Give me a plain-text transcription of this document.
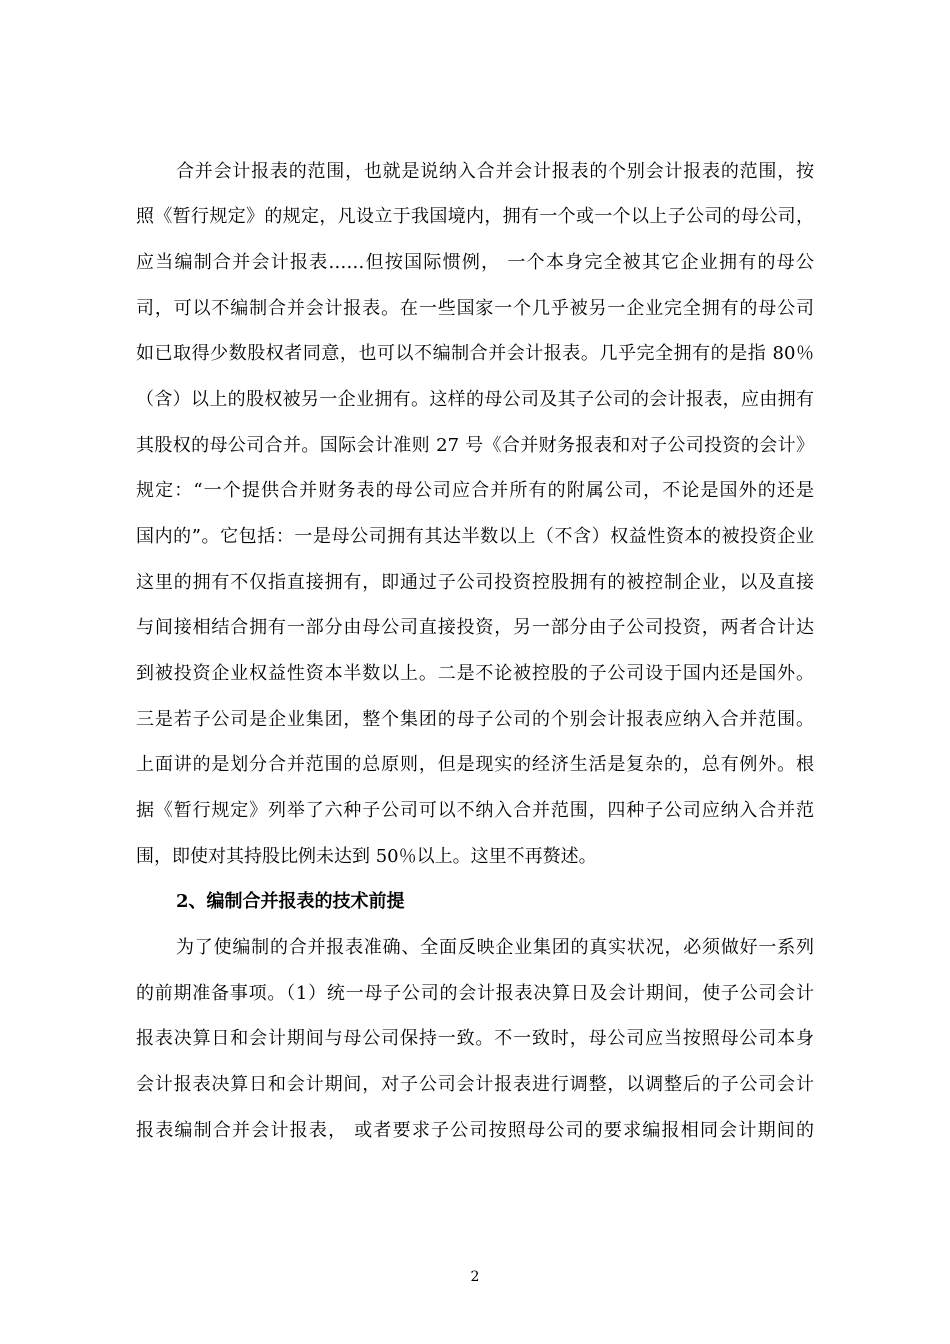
合并会计报表的范围，也就是说纳入合并会计报表的个别会计报表的范围，按
照《暂行规定》的规定，凡设立于我国境内，拥有一个或一个以上子公司的母公司，
应当编制合并会计报表……但按国际惯例， 一个本身完全被其它企业拥有的母公
司，可以不编制合并会计报表。在一些国家一个几乎被另一企业完全拥有的母公司
如已取得少数股权者同意，也可以不编制合并会计报表。几乎完全拥有的是指 80％
（含）以上的股权被另一企业拥有。这样的母公司及其子公司的会计报表，应由拥有
其股权的母公司合并。国际会计准则 27 号《合并财务报表和对子公司投资的会计》
规定：“一个提供合并财务表的母公司应合并所有的附属公司，不论是国外的还是
国内的”。它包括：一是母公司拥有其达半数以上（不含）权益性资本的被投资企业
这里的拥有不仅指直接拥有，即通过子公司投资控股拥有的被控制企业，以及直接
与间接相结合拥有一部分由母公司直接投资，另一部分由子公司投资，两者合计达
到被投资企业权益性资本半数以上。二是不论被控股的子公司设于国内还是国外。
三是若子公司是企业集团，整个集团的母子公司的个别会计报表应纳入合并范围。
上面讲的是划分合并范围的总原则，但是现实的经济生活是复杂的，总有例外。根
据《暂行规定》列举了六种子公司可以不纳入合并范围，四种子公司应纳入合并范
围，即使对其持股比例未达到 50％以上。这里不再赘述。
2、编制合并报表的技术前提
为了使编制的合并报表准确、全面反映企业集团的真实状况，必须做好一系列
的前期准备事项。（1）统一母子公司的会计报表决算日及会计期间，使子公司会计
报表决算日和会计期间与母公司保持一致。不一致时，母公司应当按照母公司本身
会计报表决算日和会计期间，对子公司会计报表进行调整，以调整后的子公司会计
报表编制合并会计报表， 或者要求子公司按照母公司的要求编报相同会计期间的
2
